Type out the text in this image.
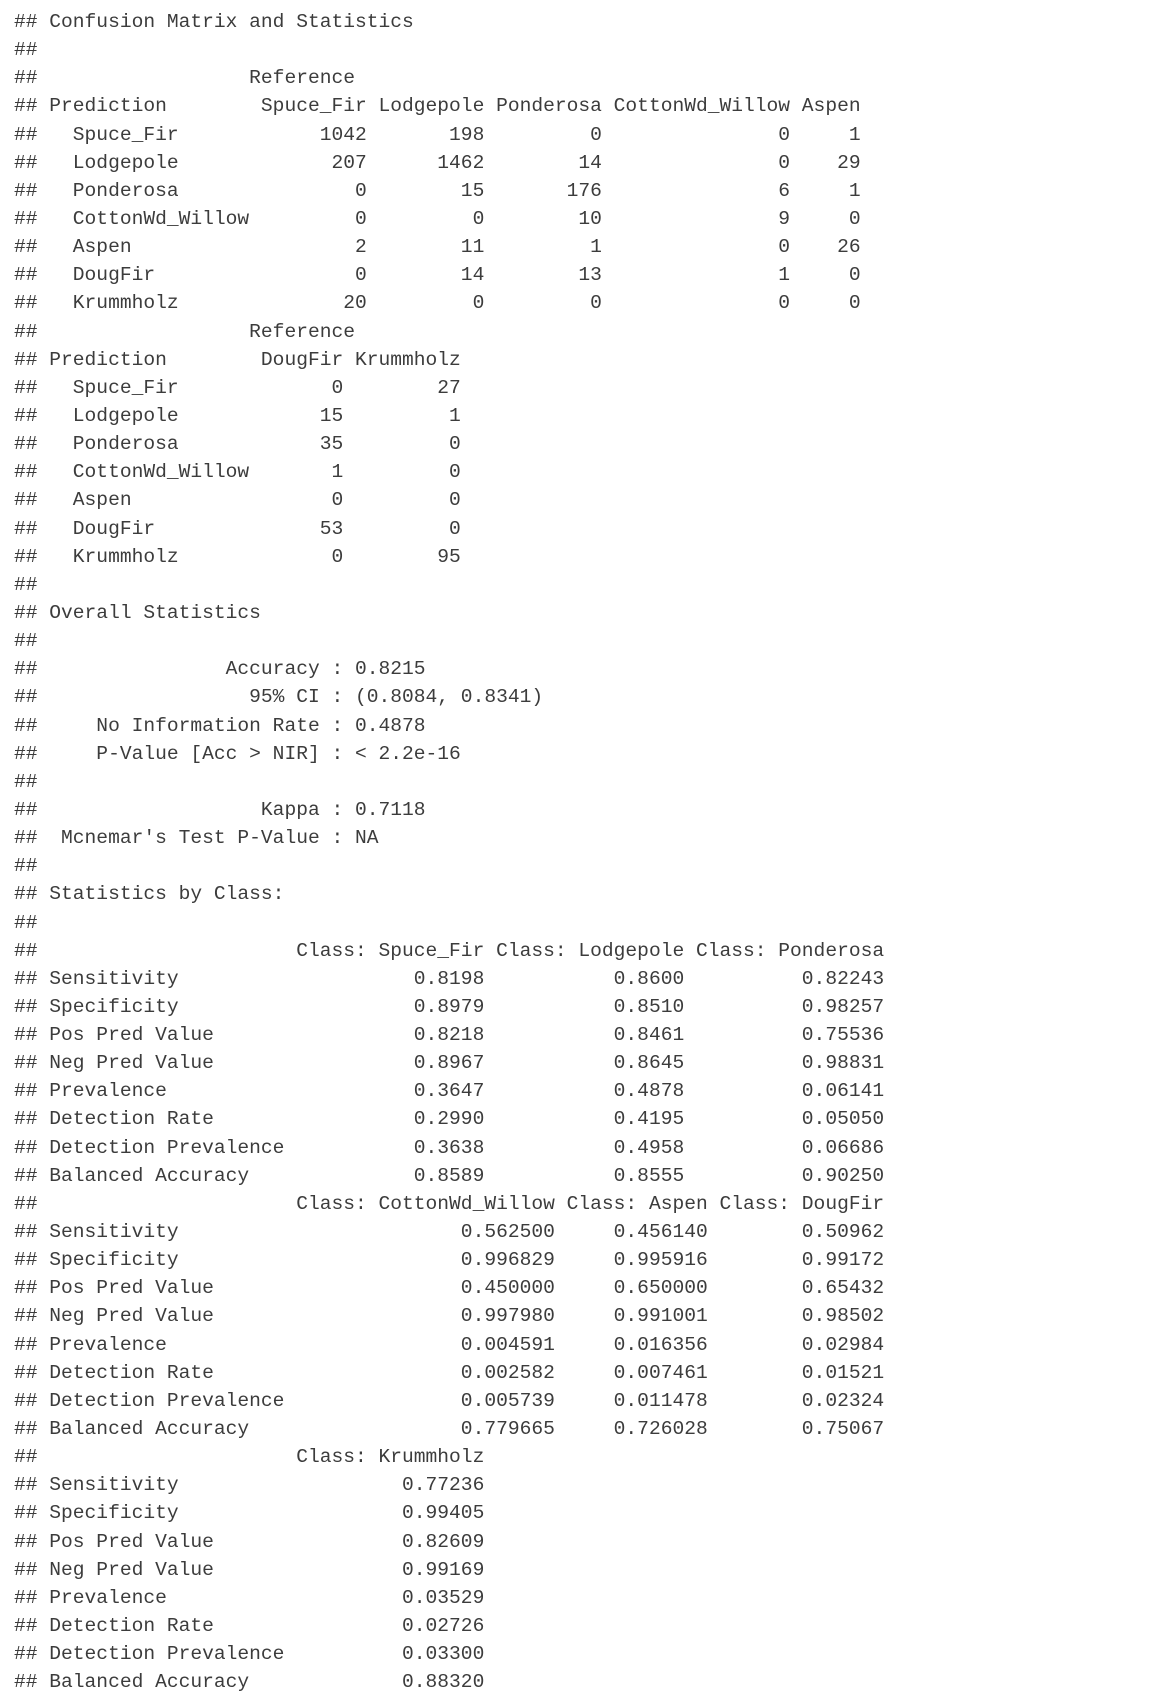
## Confusion Matrix and Statistics
##
##                  Reference
## Prediction        Spuce_Fir Lodgepole Ponderosa CottonWd_Willow Aspen
##   Spuce_Fir            1042       198         0               0     1
##   Lodgepole             207      1462        14               0    29
##   Ponderosa               0        15       176               6     1
##   CottonWd_Willow         0         0        10               9     0
##   Aspen                   2        11         1               0    26
##   DougFir                 0        14        13               1     0
##   Krummholz              20         0         0               0     0
##                  Reference
## Prediction        DougFir Krummholz
##   Spuce_Fir             0        27
##   Lodgepole            15         1
##   Ponderosa            35         0
##   CottonWd_Willow       1         0
##   Aspen                 0         0
##   DougFir              53         0
##   Krummholz             0        95
##
## Overall Statistics
##
##                Accuracy : 0.8215
##                  95% CI : (0.8084, 0.8341)
##     No Information Rate : 0.4878
##     P-Value [Acc > NIR] : < 2.2e-16
##
##                   Kappa : 0.7118
##  Mcnemar's Test P-Value : NA
##
## Statistics by Class:
##
##                      Class: Spuce_Fir Class: Lodgepole Class: Ponderosa
## Sensitivity                    0.8198           0.8600          0.82243
## Specificity                    0.8979           0.8510          0.98257
## Pos Pred Value                 0.8218           0.8461          0.75536
## Neg Pred Value                 0.8967           0.8645          0.98831
## Prevalence                     0.3647           0.4878          0.06141
## Detection Rate                 0.2990           0.4195          0.05050
## Detection Prevalence           0.3638           0.4958          0.06686
## Balanced Accuracy              0.8589           0.8555          0.90250
##                      Class: CottonWd_Willow Class: Aspen Class: DougFir
## Sensitivity                        0.562500     0.456140        0.50962
## Specificity                        0.996829     0.995916        0.99172
## Pos Pred Value                     0.450000     0.650000        0.65432
## Neg Pred Value                     0.997980     0.991001        0.98502
## Prevalence                         0.004591     0.016356        0.02984
## Detection Rate                     0.002582     0.007461        0.01521
## Detection Prevalence               0.005739     0.011478        0.02324
## Balanced Accuracy                  0.779665     0.726028        0.75067
##                      Class: Krummholz
## Sensitivity                   0.77236
## Specificity                   0.99405
## Pos Pred Value                0.82609
## Neg Pred Value                0.99169
## Prevalence                    0.03529
## Detection Rate                0.02726
## Detection Prevalence          0.03300
## Balanced Accuracy             0.88320
